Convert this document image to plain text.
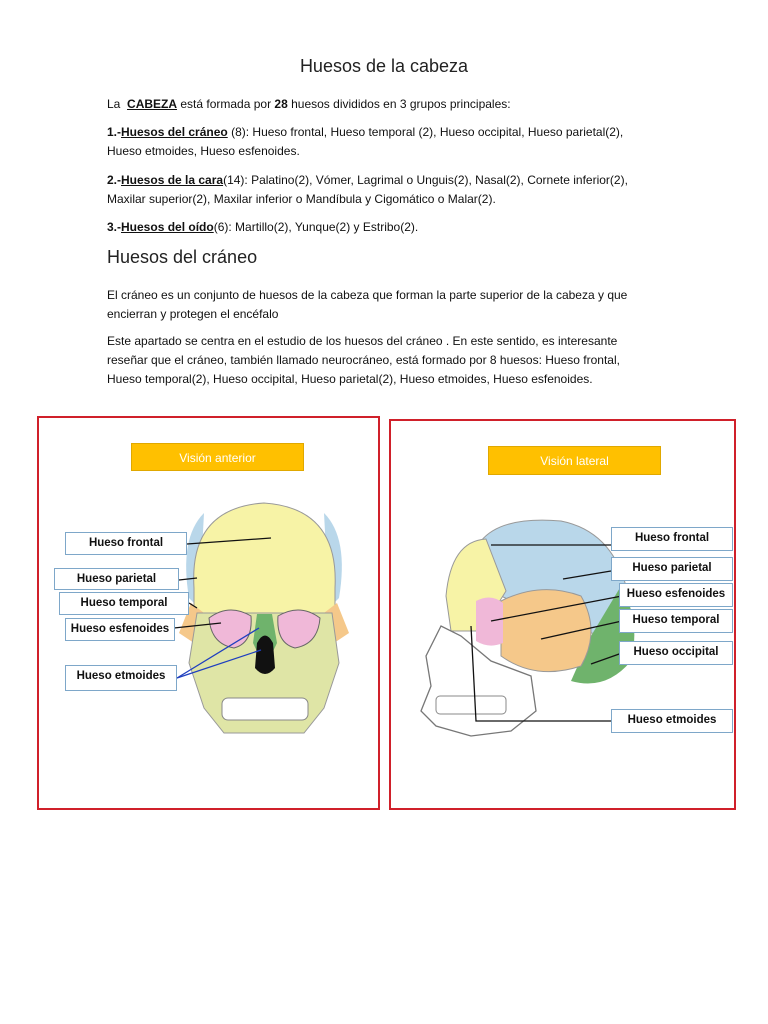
Huesos de la cabeza
La CABEZA está formada por 28 huesos divididos en 3 grupos principales:
1.-Huesos del cráneo (8): Hueso frontal, Hueso temporal (2), Hueso occipital, Hueso parietal(2),
Hueso etmoides, Hueso esfenoides.
2.-Huesos de la cara(14): Palatino(2), Vómer, Lagrimal o Unguis(2), Nasal(2), Cornete inferior(2),
Maxilar superior(2), Maxilar inferior o Mandíbula y Cigomático o Malar(2).
3.-Huesos del oído(6): Martillo(2), Yunque(2) y Estribo(2).
Huesos del cráneo
El cráneo es un conjunto de huesos de la cabeza que forman la parte superior de la cabeza y que
encierran y protegen el encéfalo
Este apartado se centra en el estudio de los huesos del cráneo . En este sentido, es interesante
reseñar que el cráneo, también llamado neurocráneo, está formado por 8 huesos: Hueso frontal,
Hueso temporal(2), Hueso occipital, Hueso parietal(2), Hueso etmoides, Hueso esfenoides.
Visión anterior
Hueso frontal
Hueso parietal
Hueso temporal
Hueso esfenoides
Hueso etmoides
Visión lateral
Hueso frontal
Hueso parietal
Hueso esfenoides
Hueso temporal
Hueso occipital
Hueso etmoides
